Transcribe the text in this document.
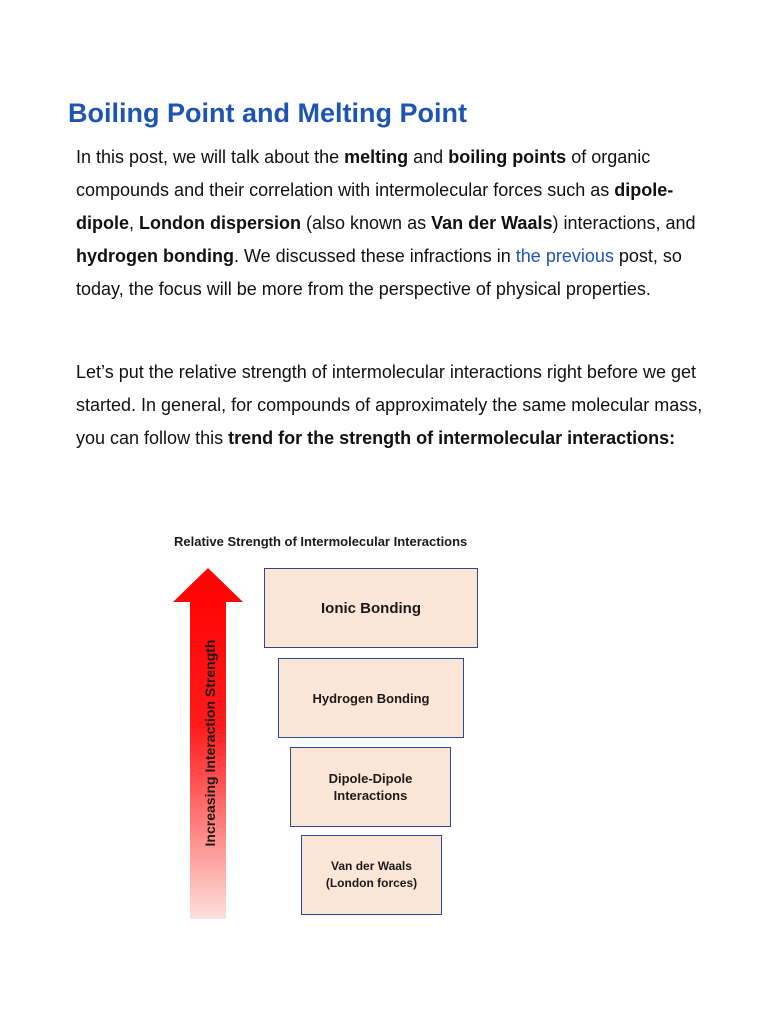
Boiling Point and Melting Point

In this post, we will talk about the melting and boiling points of organic compounds and their correlation with intermolecular forces such as dipole-dipole, London dispersion (also known as Van der Waals) interactions, and hydrogen bonding. We discussed these infractions in the previous post, so today, the focus will be more from the perspective of physical properties.

Let’s put the relative strength of intermolecular interactions right before we get started. In general, for compounds of approximately the same molecular mass, you can follow this trend for the strength of intermolecular interactions:

Relative Strength of Intermolecular Interactions
Increasing Interaction Strength
Ionic Bonding
Hydrogen Bonding
Dipole-Dipole
Interactions
Van der Waals
(London forces)
